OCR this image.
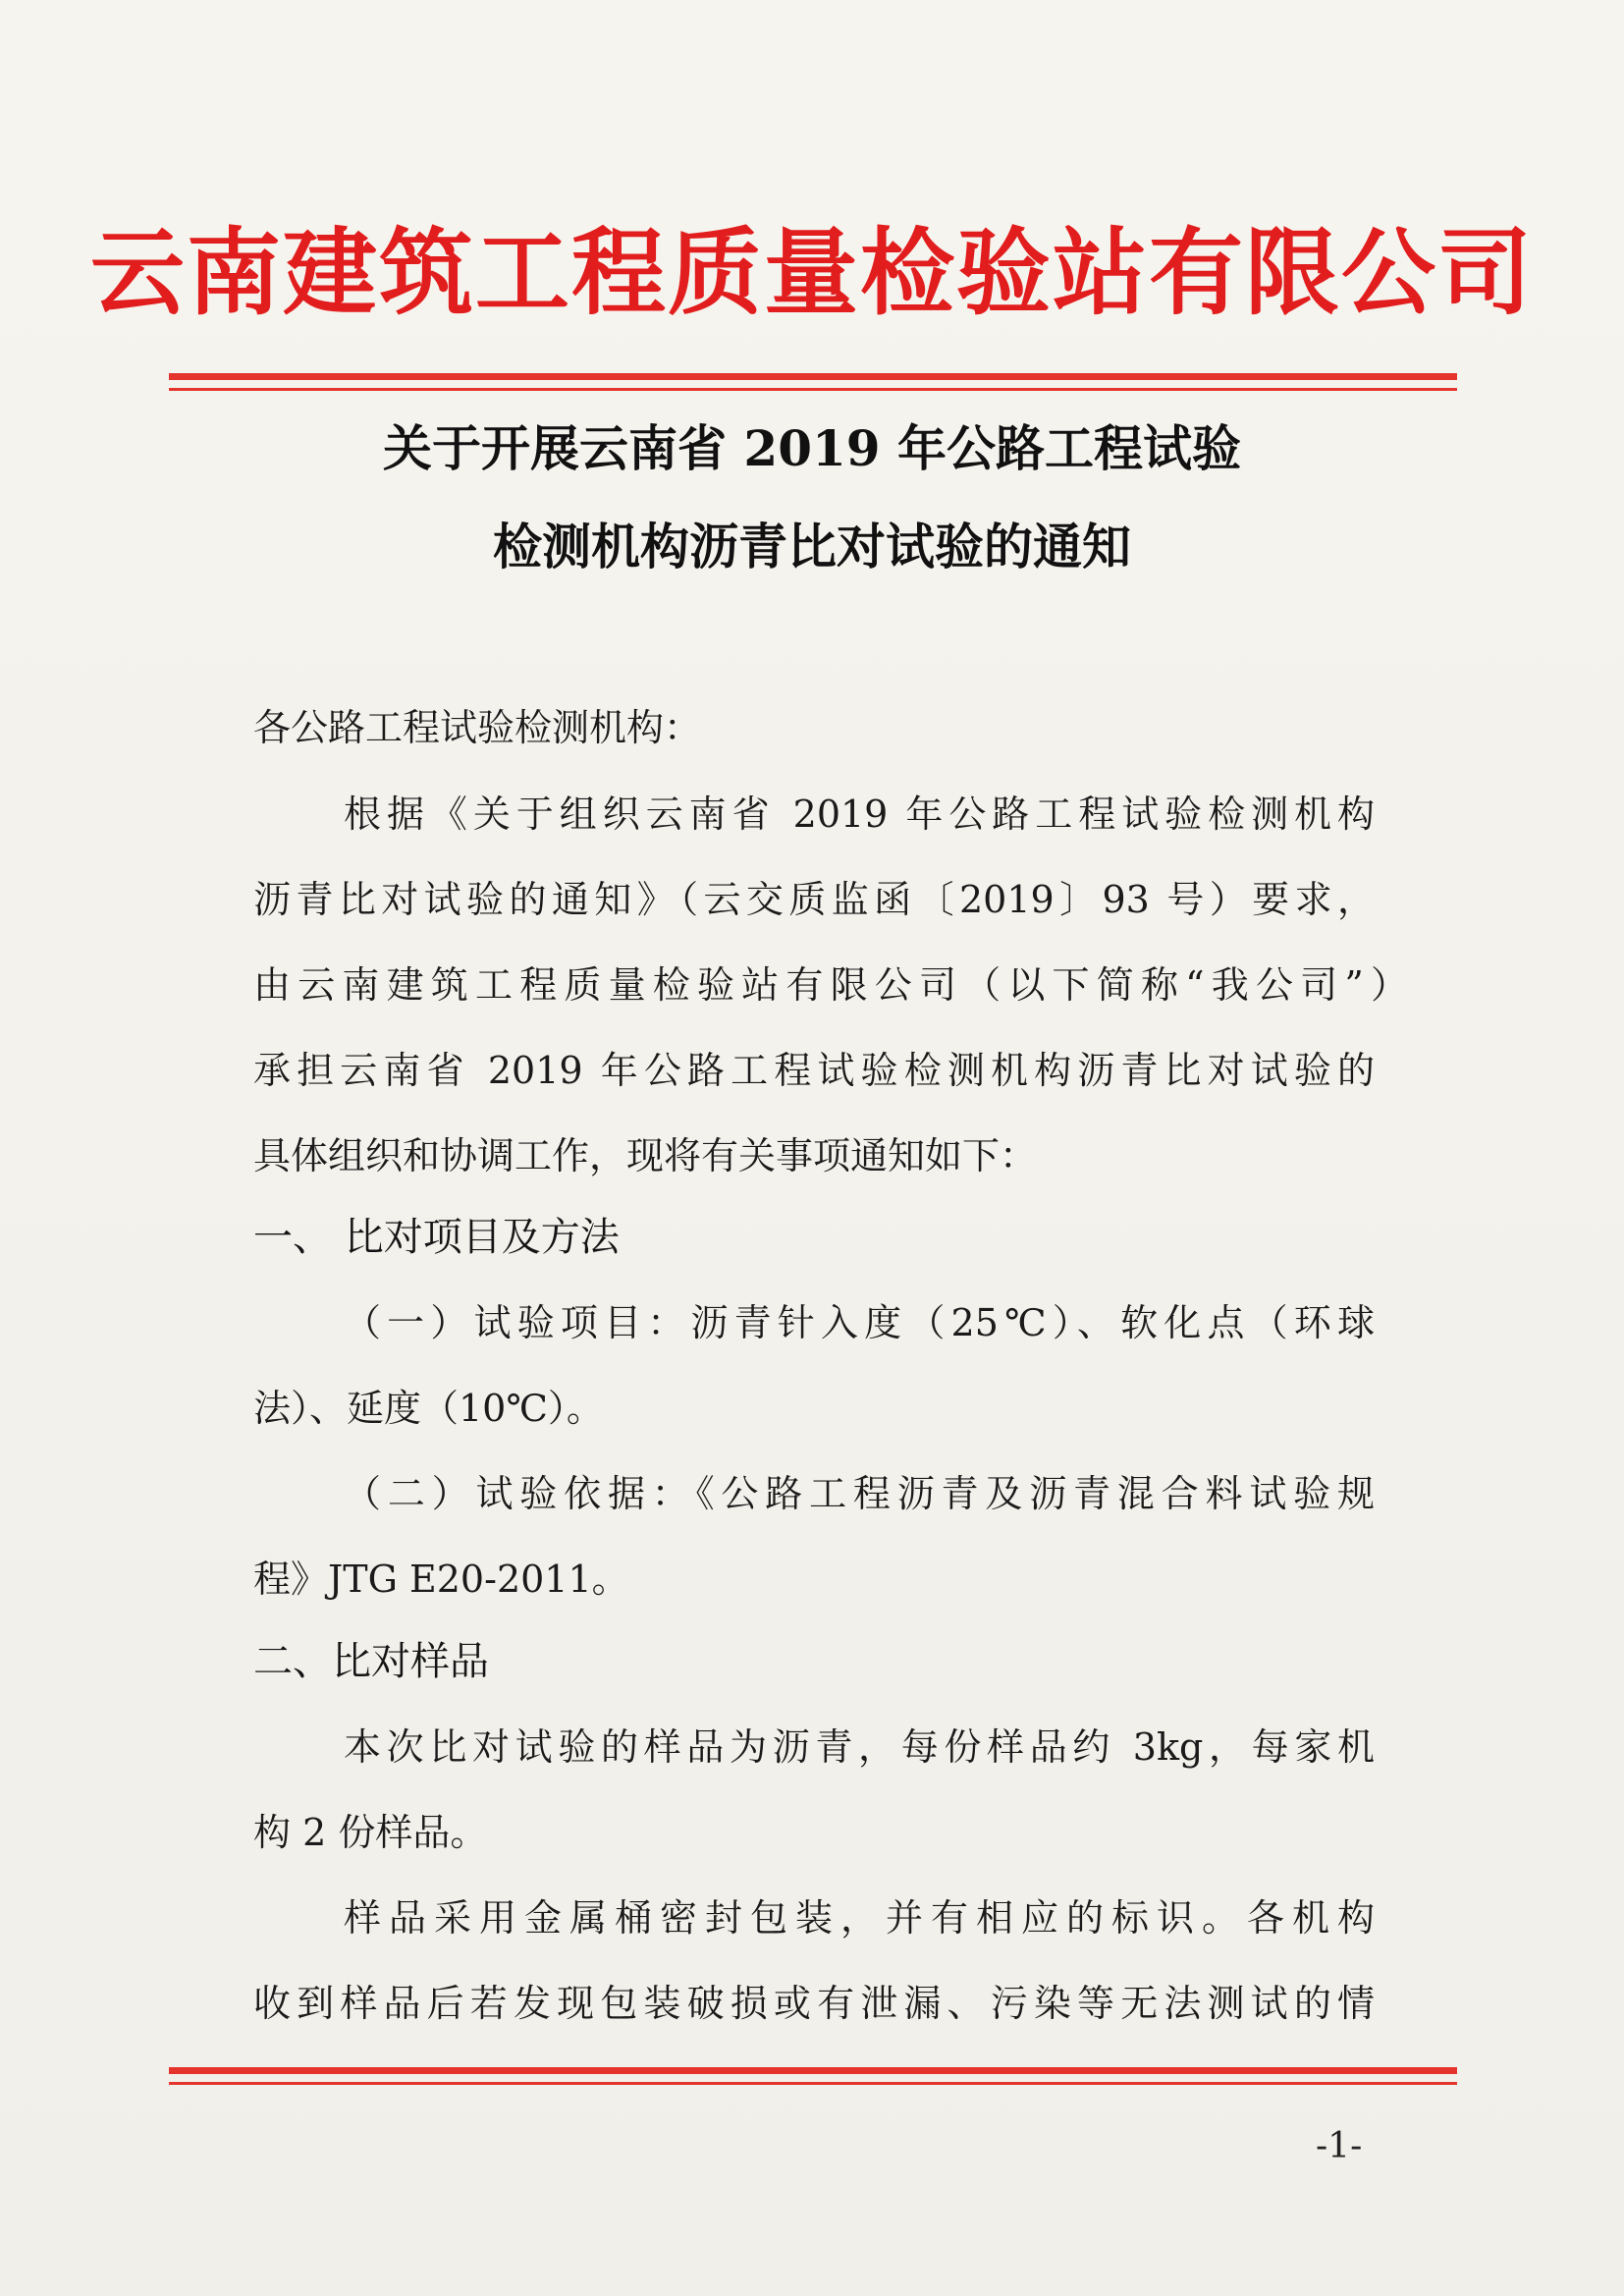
云南建筑工程质量检验站有限公司
关于开展云南省 2019 年公路工程试验
检测机构沥青比对试验的通知
各公路工程试验检测机构：
根据《关于组织云南省 2019 年公路工程试验检测机构
沥青比对试验的通知》（云交质监函〔2019〕93 号）要求，
由云南建筑工程质量检验站有限公司（以下简称“我公司”）
承担云南省 2019 年公路工程试验检测机构沥青比对试验的
具体组织和协调工作，现将有关事项通知如下：
一、 比对项目及方法
（一）试验项目：沥青针入度（25℃）、软化点（环球
法）、延度（10℃）。
（二）试验依据：《公路工程沥青及沥青混合料试验规
程》JTG E20-2011。
二、比对样品
本次比对试验的样品为沥青，每份样品约 3kg，每家机
构 2 份样品。
样品采用金属桶密封包装，并有相应的标识。各机构
收到样品后若发现包装破损或有泄漏、污染等无法测试的情
-1-
